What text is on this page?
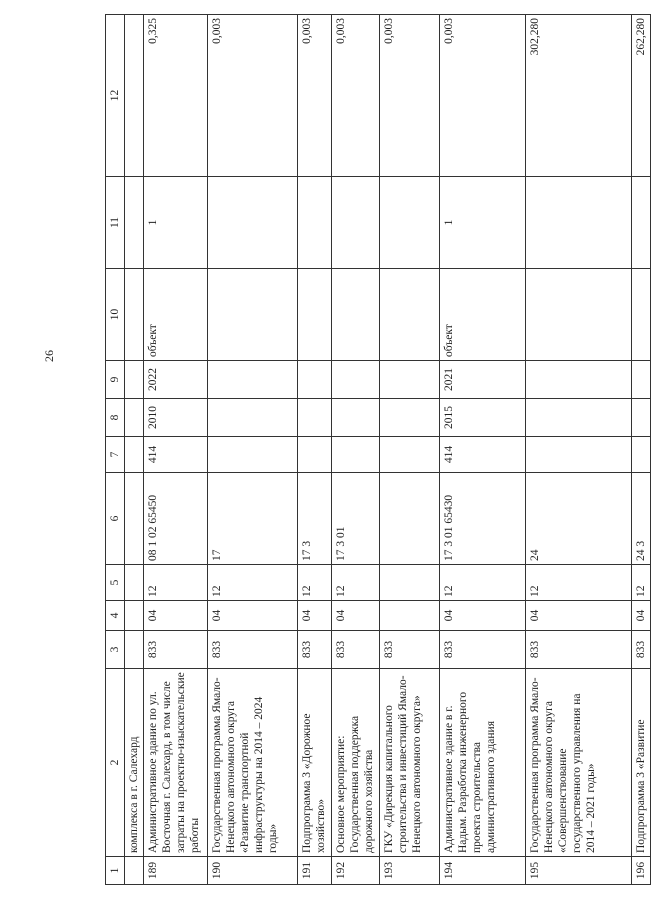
26
1	2	3	4	5	6	7	8	9	10	11	12
	комплекса в г. Салехард										
189	Административное здание по ул. Восточная г. Салехард, в том числе затраты на проектно-изыскательские работы	833	04	12	08 1 02 65450	414	2010	2022	объект	1	0,325
190	Государственная программа Ямало-Ненецкого автономного округа «Развитие транспортной инфраструктуры на 2014 – 2024 годы»	833	04	12	17						0,003
191	Подпрограмма 3 «Дорожное хозяйство»	833	04	12	17 3						0,003
192	Основное мероприятие: Государственная поддержка дорожного хозяйства	833	04	12	17 3 01						0,003
193	ГКУ «Дирекция капитального строительства и инвестиций Ямало-Ненецкого автономного округа»	833									0,003
194	Административное здание в г. Надым. Разработка инженерного проекта строительства административного здания	833	04	12	17 3 01 65430	414	2015	2021	объект	1	0,003
195	Государственная программа Ямало-Ненецкого автономного округа «Совершенствование государственного управления на 2014 – 2021 годы»	833	04	12	24						302,280
196	Подпрограмма 3 «Развитие	833	04	12	24 3						262,280
